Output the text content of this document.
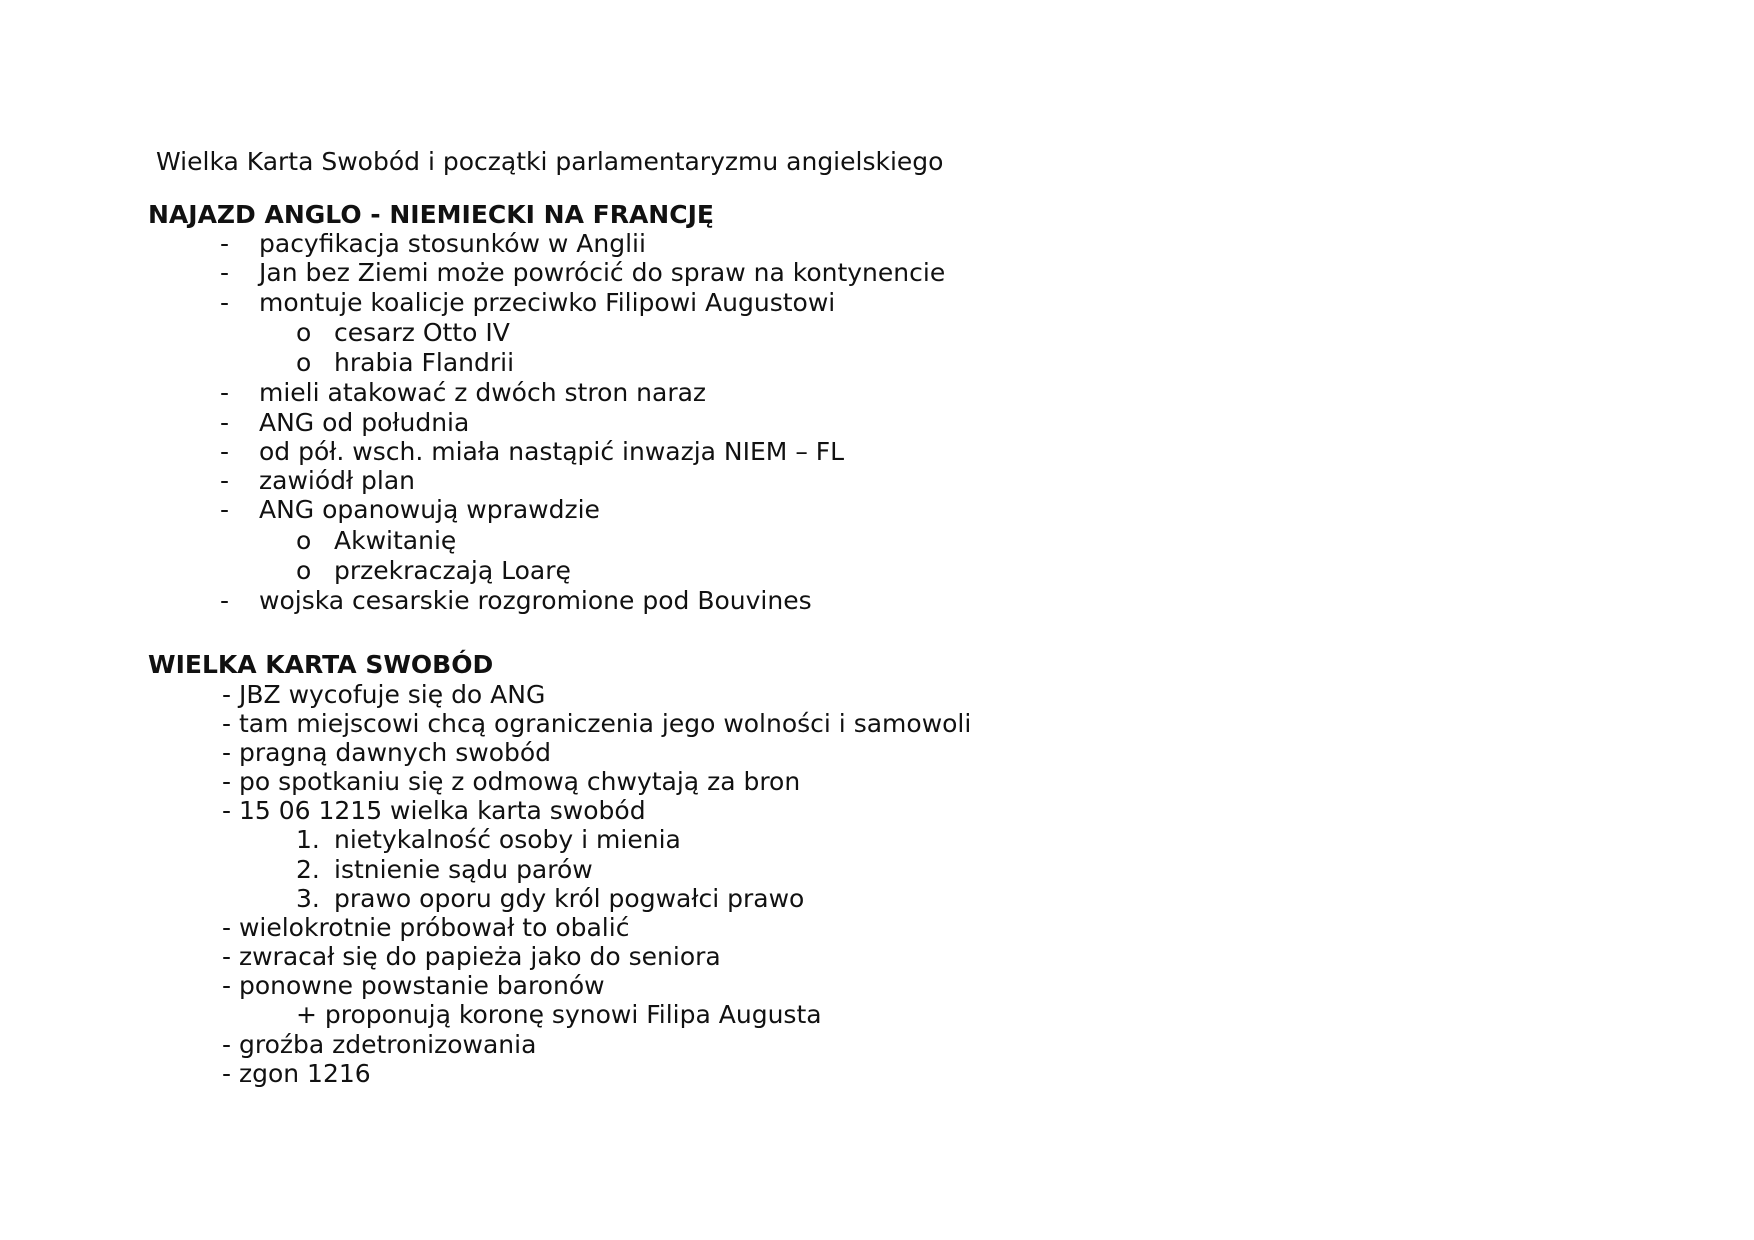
Wielka Karta Swobód i początki parlamentaryzmu angielskiego
NAJAZD ANGLO - NIEMIECKI NA FRANCJĘ
- pacyfikacja stosunków w Anglii
- Jan bez Ziemi może powrócić do spraw na kontynencie
- montuje koalicje przeciwko Filipowi Augustowi
o cesarz Otto IV
o hrabia Flandrii
- mieli atakować z dwóch stron naraz
- ANG od południa
- od pół. wsch. miała nastąpić inwazja NIEM – FL
- zawiódł plan
- ANG opanowują wprawdzie
o Akwitanię
o przekraczają Loarę
- wojska cesarskie rozgromione pod Bouvines
WIELKA KARTA SWOBÓD
- JBZ wycofuje się do ANG
- tam miejscowi chcą ograniczenia jego wolności i samowoli
- pragną dawnych swobód
- po spotkaniu się z odmową chwytają za bron
- 15 06 1215 wielka karta swobód
1. nietykalność osoby i mienia
2. istnienie sądu parów
3. prawo oporu gdy król pogwałci prawo
- wielokrotnie próbował to obalić
- zwracał się do papieża jako do seniora
- ponowne powstanie baronów
+ proponują koronę synowi Filipa Augusta
- groźba zdetronizowania
- zgon 1216
